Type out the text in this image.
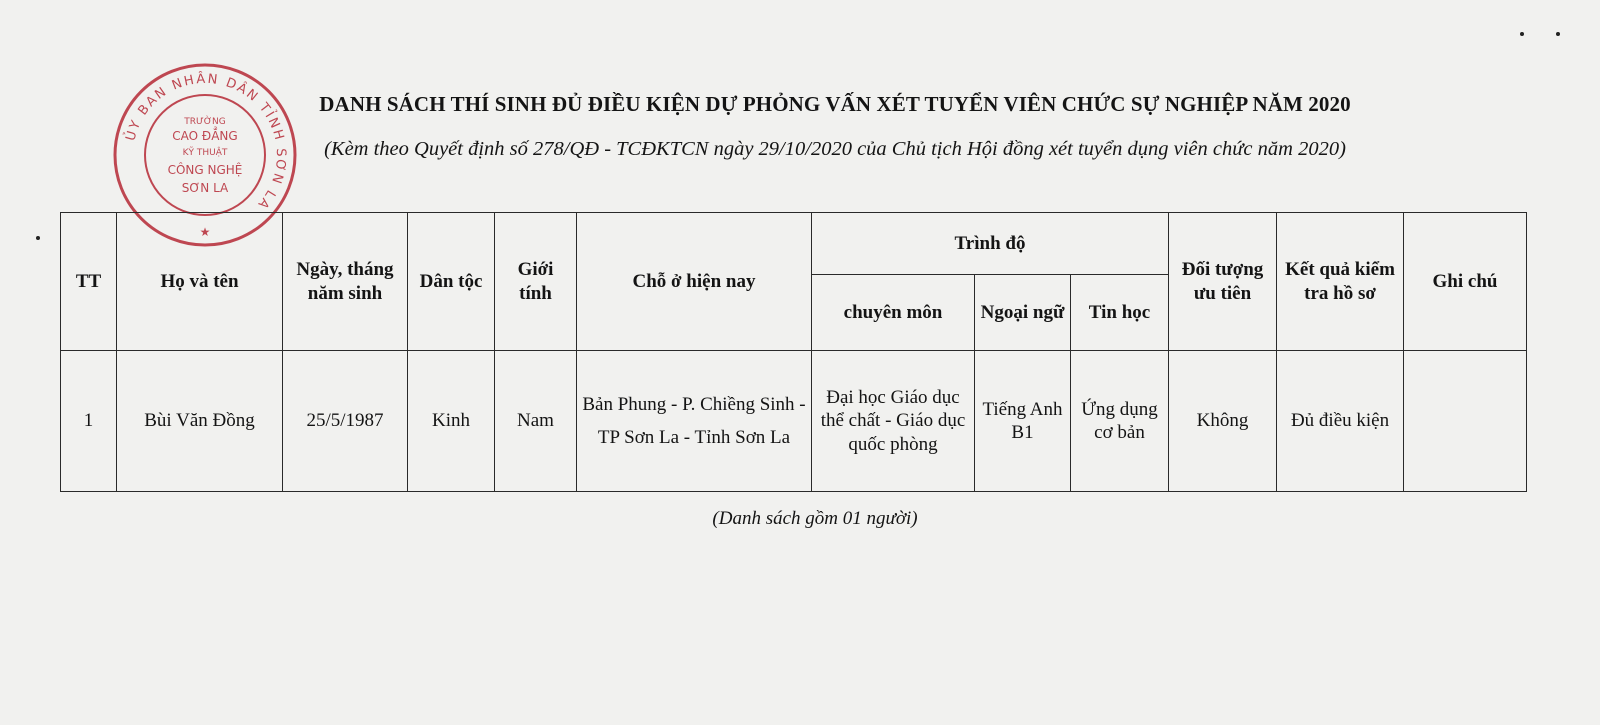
ỦY BAN NHÂN DÂN TỈNH SƠN LA
TRƯỜNG
CAO ĐẲNG
KỸ THUẬT
CÔNG NGHỆ
SƠN LA
★
DANH SÁCH THÍ SINH ĐỦ ĐIỀU KIỆN DỰ PHỎNG VẤN XÉT TUYỂN VIÊN CHỨC SỰ NGHIỆP NĂM 2020
(Kèm theo Quyết định số 278/QĐ - TCĐKTCN ngày 29/10/2020 của Chủ tịch Hội đồng xét tuyển dụng viên chức năm 2020)
TT	Họ và tên	Ngày, tháng năm sinh	Dân tộc	Giới tính	Chỗ ở hiện nay	Trình độ			Đối tượng ưu tiên	Kết quả kiểm tra hồ sơ	Ghi chú
						chuyên môn	Ngoại ngữ	Tin học			
1	Bùi Văn Đồng	25/5/1987	Kinh	Nam	Bản Phung - P. Chiềng Sinh - TP Sơn La - Tỉnh Sơn La	Đại học Giáo dục thể chất - Giáo dục quốc phòng	Tiếng Anh B1	Ứng dụng cơ bản	Không	Đủ điều kiện	
(Danh sách gồm 01 người)
